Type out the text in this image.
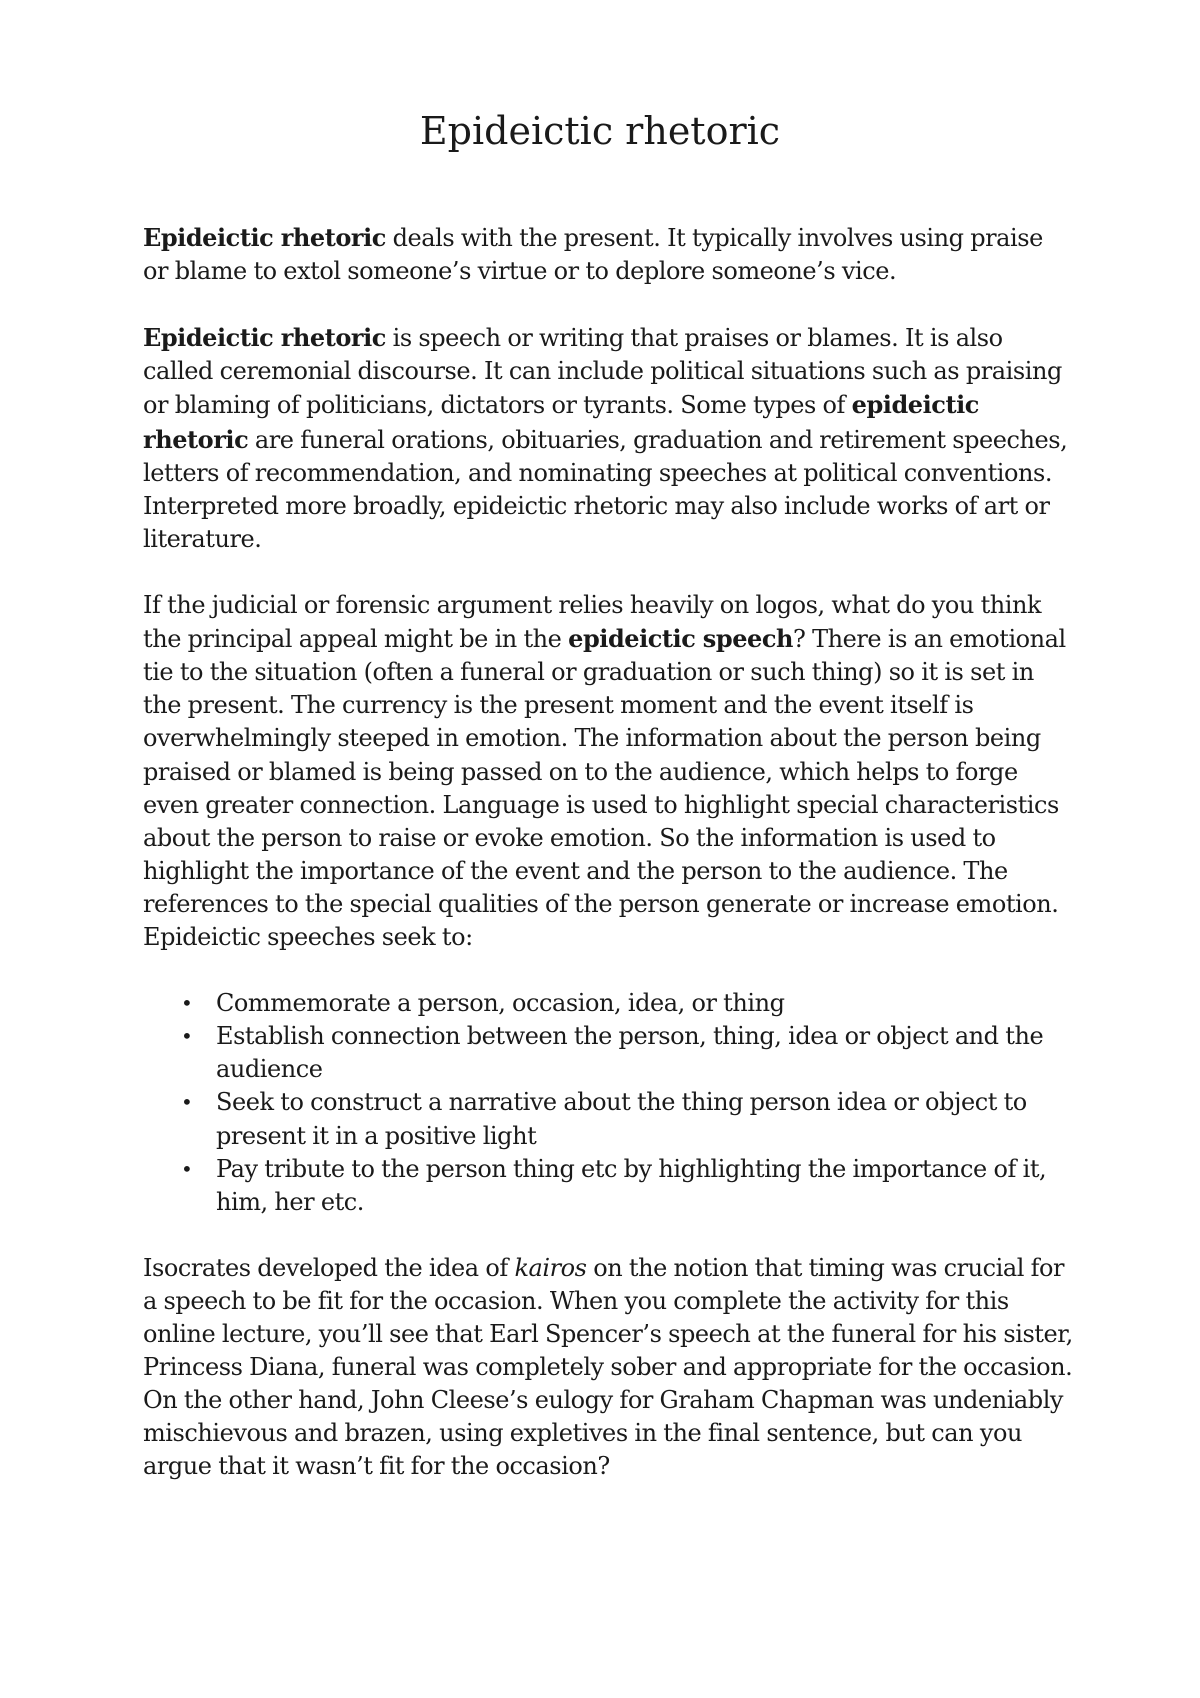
Epideictic rhetoric

Epideictic rhetoric deals with the present. It typically involves using praise or blame to extol someone’s virtue or to deplore someone’s vice.

Epideictic rhetoric is speech or writing that praises or blames. It is also called ceremonial discourse. It can include political situations such as praising or blaming of politicians, dictators or tyrants. Some types of epideictic rhetoric are funeral orations, obituaries, graduation and retirement speeches, letters of recommendation, and nominating speeches at political conventions. Interpreted more broadly, epideictic rhetoric may also include works of art or literature.

If the judicial or forensic argument relies heavily on logos, what do you think the principal appeal might be in the epideictic speech? There is an emotional tie to the situation (often a funeral or graduation or such thing) so it is set in the present. The currency is the present moment and the event itself is overwhelmingly steeped in emotion. The information about the person being praised or blamed is being passed on to the audience, which helps to forge even greater connection. Language is used to highlight special characteristics about the person to raise or evoke emotion. So the information is used to highlight the importance of the event and the person to the audience. The references to the special qualities of the person generate or increase emotion. Epideictic speeches seek to:

• Commemorate a person, occasion, idea, or thing
• Establish connection between the person, thing, idea or object and the audience
• Seek to construct a narrative about the thing person idea or object to present it in a positive light
• Pay tribute to the person thing etc by highlighting the importance of it, him, her etc.

Isocrates developed the idea of kairos on the notion that timing was crucial for a speech to be fit for the occasion. When you complete the activity for this online lecture, you’ll see that Earl Spencer’s speech at the funeral for his sister, Princess Diana, funeral was completely sober and appropriate for the occasion. On the other hand, John Cleese’s eulogy for Graham Chapman was undeniably mischievous and brazen, using expletives in the final sentence, but can you argue that it wasn’t fit for the occasion?
